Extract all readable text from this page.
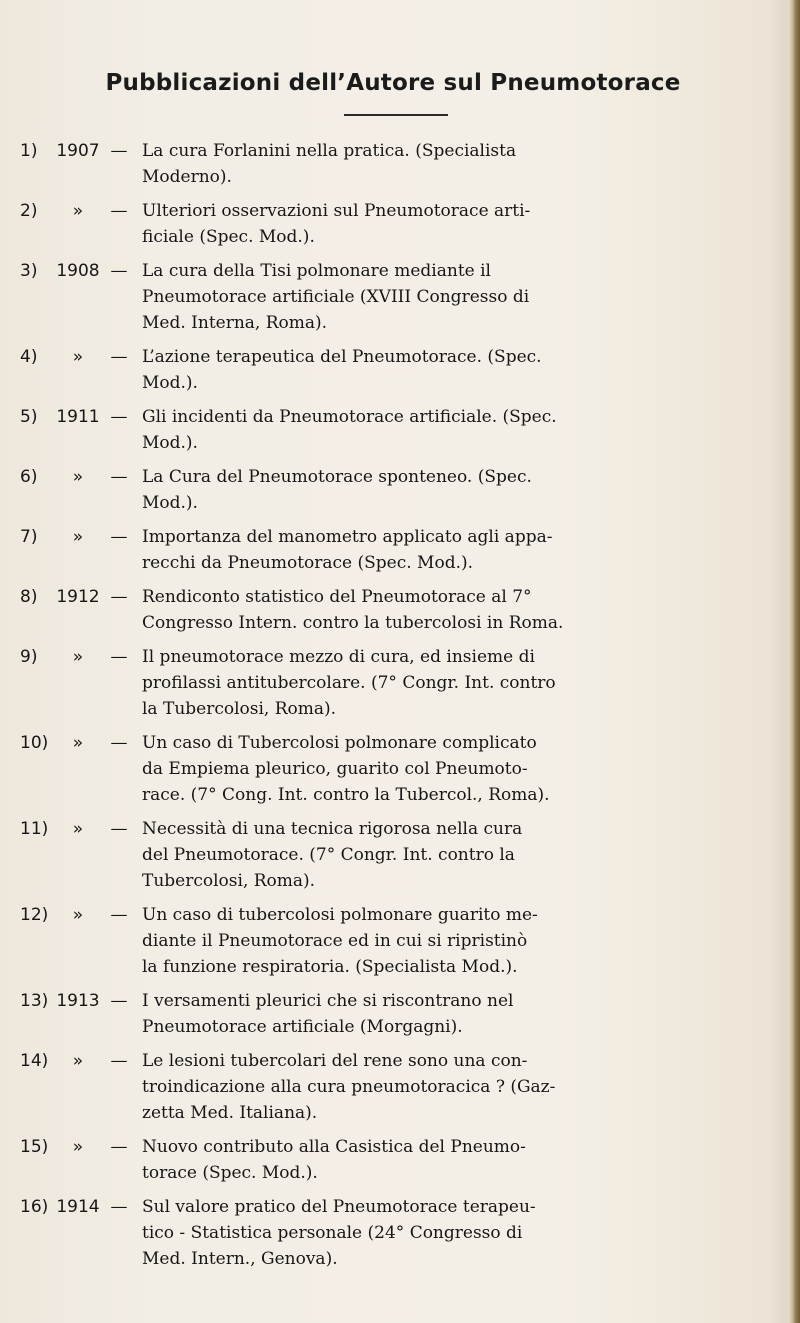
Pubblicazioni dell’Autore sul Pneumotorace
1)	1907 — La cura Forlanini nella pratica. (Specialista
Moderno).
2)	»	— Ulteriori osservazioni sul Pneumotorace arti-
ficiale (Spec. Mod.).
3)	1908 — La cura della Tisi polmonare mediante il
Pneumotorace artificiale (XVIII Congresso di
Med. Interna, Roma).
4)	»	— L’azione terapeutica del Pneumotorace. (Spec.
Mod.).
5)	1911 — Gli incidenti da Pneumotorace artificiale. (Spec.
Mod.).
6)	»	— La Cura del Pneumotorace sponteneo. (Spec.
Mod.).
7)	»	— Importanza del manometro applicato agli appa-
recchi da Pneumotorace (Spec. Mod.).
8)	1912 — Rendiconto statistico del Pneumotorace al 7°
Congresso Intern. contro la tubercolosi in Roma.
9)	»	— Il pneumotorace mezzo di cura, ed insieme di
profilassi antitubercolare. (7° Congr. Int. contro
la Tubercolosi, Roma).
10)	»	— Un caso di Tubercolosi polmonare complicato
da Empiema pleurico, guarito col Pneumoto-
race. (7° Cong. Int. contro la Tubercol., Roma).
11)	»	— Necessità di una tecnica rigorosa nella cura
del Pneumotorace. (7° Congr. Int. contro la
Tubercolosi, Roma).
12)	»	— Un caso di tubercolosi polmonare guarito me-
diante il Pneumotorace ed in cui si ripristinò
la funzione respiratoria. (Specialista Mod.).
13) 1913 — I versamenti pleurici che si riscontrano nel
Pneumotorace artificiale (Morgagni).
14)	»	— Le lesioni tubercolari del rene sono una con-
troindicazione alla cura pneumotoracica ? (Gaz-
zetta Med. Italiana).
15)	»	— Nuovo contributo alla Casistica del Pneumo-
torace (Spec. Mod.).
16) 1914 — Sul valore pratico del Pneumotorace terapeu-
tico - Statistica personale (24° Congresso di
Med. Intern., Genova).
